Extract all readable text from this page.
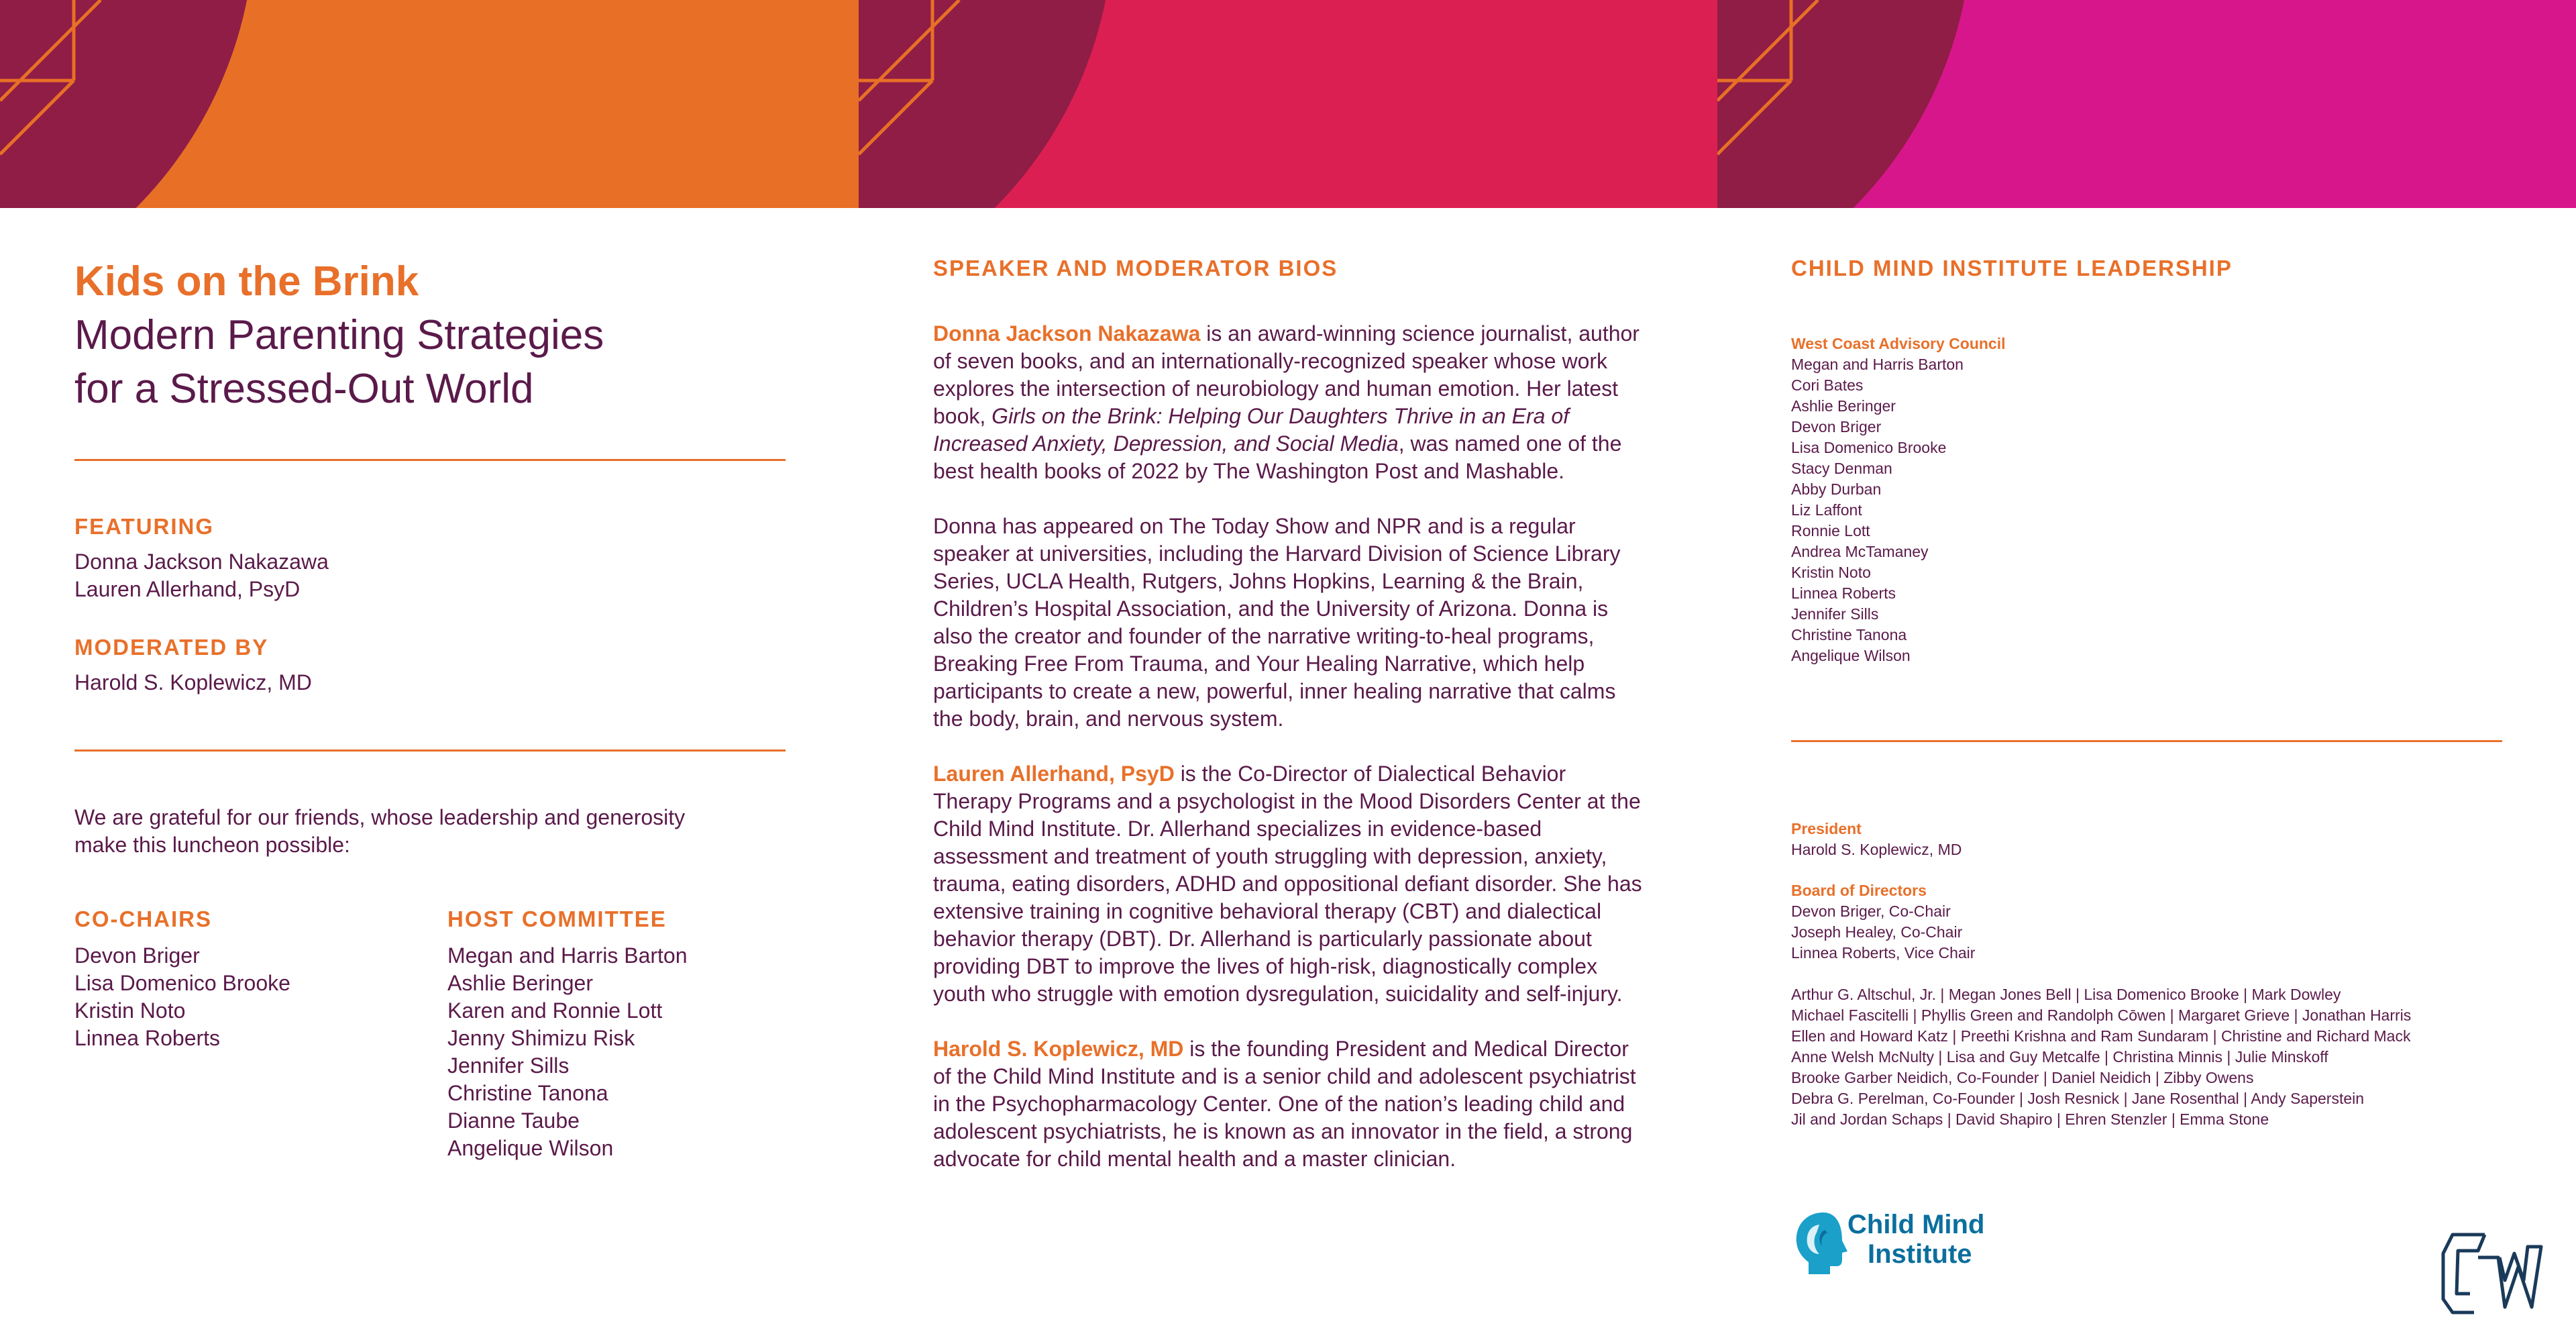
Kids on the Brink
Modern Parenting Strategies
for a Stressed-Out World
FEATURING
Donna Jackson Nakazawa
Lauren Allerhand, PsyD
MODERATED BY
Harold S. Koplewicz, MD
We are grateful for our friends, whose leadership and generosity
make this luncheon possible:
CO-CHAIRS
Devon Briger
Lisa Domenico Brooke
Kristin Noto
Linnea Roberts
HOST COMMITTEE
Megan and Harris Barton
Ashlie Beringer
Karen and Ronnie Lott
Jenny Shimizu Risk
Jennifer Sills
Christine Tanona
Dianne Taube
Angelique Wilson
SPEAKER AND MODERATOR BIOS

Donna Jackson Nakazawa is an award-winning science journalist, author of seven books, and an internationally-recognized speaker whose work explores the intersection of neurobiology and human emotion. Her latest book, Girls on the Brink: Helping Our Daughters Thrive in an Era of Increased Anxiety, Depression, and Social Media, was named one of the best health books of 2022 by The Washington Post and Mashable.

Donna has appeared on The Today Show and NPR and is a regular speaker at universities, including the Harvard Division of Science Library Series, UCLA Health, Rutgers, Johns Hopkins, Learning & the Brain, Children’s Hospital Association, and the University of Arizona. Donna is also the creator and founder of the narrative writing-to-heal programs, Breaking Free From Trauma, and Your Healing Narrative, which help participants to create a new, powerful, inner healing narrative that calms the body, brain, and nervous system.

Lauren Allerhand, PsyD is the Co-Director of Dialectical Behavior Therapy Programs and a psychologist in the Mood Disorders Center at the Child Mind Institute. Dr. Allerhand specializes in evidence-based assessment and treatment of youth struggling with depression, anxiety, trauma, eating disorders, ADHD and oppositional defiant disorder. She has extensive training in cognitive behavioral therapy (CBT) and dialectical behavior therapy (DBT). Dr. Allerhand is particularly passionate about providing DBT to improve the lives of high-risk, diagnostically complex youth who struggle with emotion dysregulation, suicidality and self-injury.

Harold S. Koplewicz, MD is the founding President and Medical Director of the Child Mind Institute and is a senior child and adolescent psychiatrist in the Psychopharmacology Center. One of the nation’s leading child and adolescent psychiatrists, he is known as an innovator in the field, a strong advocate for child mental health and a master clinician.

CHILD MIND INSTITUTE LEADERSHIP
West Coast Advisory Council
Megan and Harris Barton
Cori Bates
Ashlie Beringer
Devon Briger
Lisa Domenico Brooke
Stacy Denman
Abby Durban
Liz Laffont
Ronnie Lott
Andrea McTamaney
Kristin Noto
Linnea Roberts
Jennifer Sills
Christine Tanona
Angelique Wilson
President
Harold S. Koplewicz, MD
Board of Directors
Devon Briger, Co-Chair
Joseph Healey, Co-Chair
Linnea Roberts, Vice Chair
Arthur G. Altschul, Jr. | Megan Jones Bell | Lisa Domenico Brooke | Mark Dowley
Michael Fascitelli | Phyllis Green and Randolph Cōwen | Margaret Grieve | Jonathan Harris
Ellen and Howard Katz | Preethi Krishna and Ram Sundaram | Christine and Richard Mack
Anne Welsh McNulty | Lisa and Guy Metcalfe | Christina Minnis | Julie Minskoff
Brooke Garber Neidich, Co-Founder | Daniel Neidich | Zibby Owens
Debra G. Perelman, Co-Founder | Josh Resnick | Jane Rosenthal | Andy Saperstein
Jil and Jordan Schaps | David Shapiro | Ehren Stenzler | Emma Stone
Child Mind
Institute
